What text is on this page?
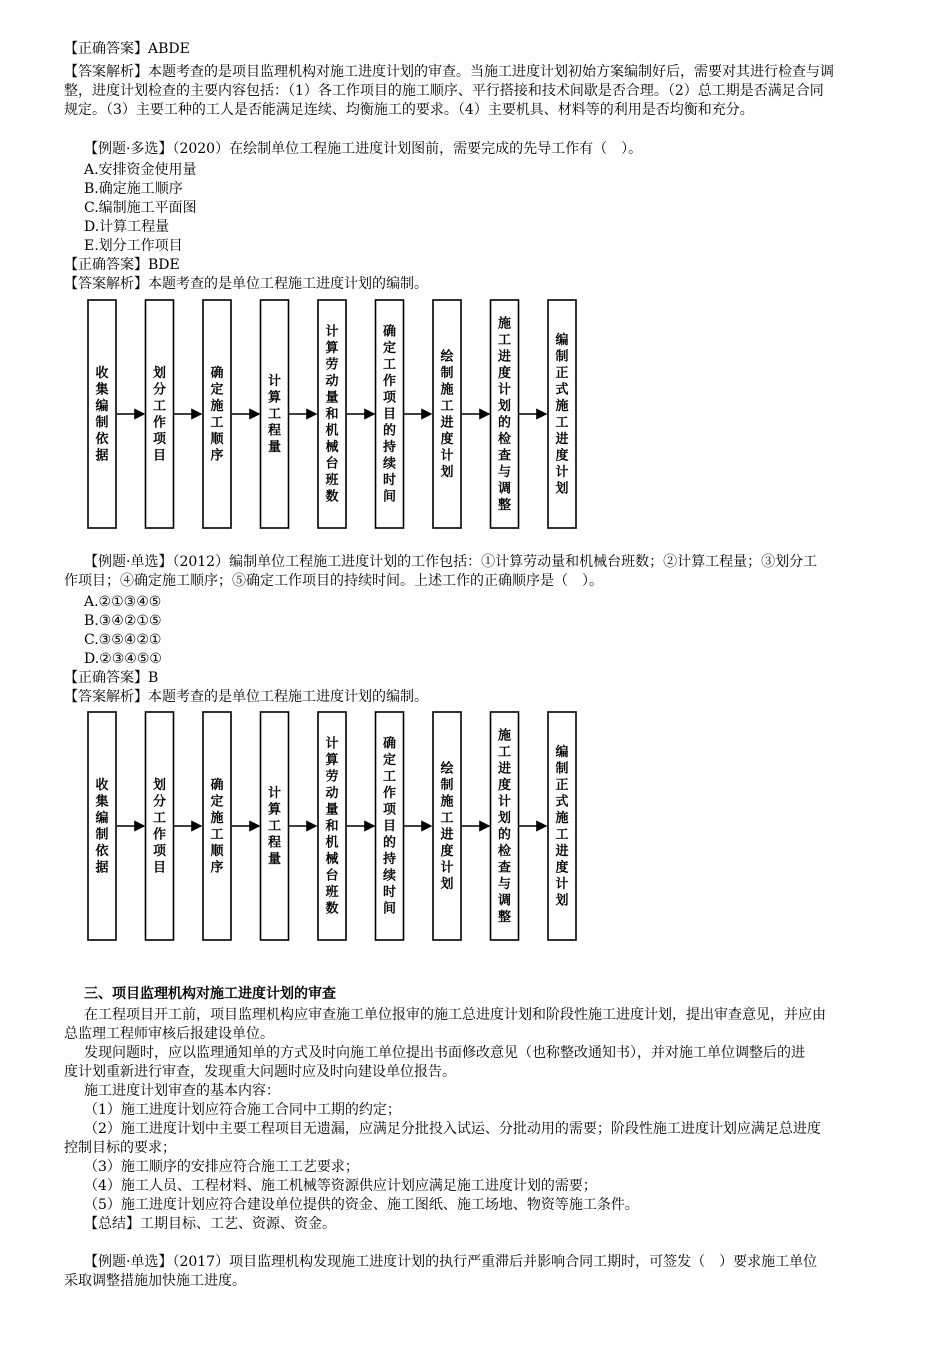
【正确答案】ABDE
【答案解析】本题考查的是项目监理机构对施工进度计划的审查。当施工进度计划初始方案编制好后，需要对其进行检查与调
整，进度计划检查的主要内容包括：（1）各工作项目的施工顺序、平行搭接和技术间歇是否合理。（2）总工期是否满足合同
规定。（3）主要工种的工人是否能满足连续、均衡施工的要求。（4）主要机具、材料等的利用是否均衡和充分。
【例题·多选】（2020）在绘制单位工程施工进度计划图前，需要完成的先导工作有（　）。
A.安排资金使用量
B.确定施工顺序
C.编制施工平面图
D.计算工程量
E.划分工作项目
【正确答案】BDE
【答案解析】本题考查的是单位工程施工进度计划的编制。
收集编制依据
划分工作项目
确定施工顺序
计算工程量
计算劳动量和机械台班数
确定工作项目的持续时间
绘制施工进度计划
施工进度计划的检查与调整
编制正式施工进度计划
【例题·单选】（2012）编制单位工程施工进度计划的工作包括：①计算劳动量和机械台班数；②计算工程量；③划分工
作项目；④确定施工顺序；⑤确定工作项目的持续时间。上述工作的正确顺序是（　）。
A.②①③④⑤
B.③④②①⑤
C.③⑤④②①
D.②③④⑤①
【正确答案】B
【答案解析】本题考查的是单位工程施工进度计划的编制。
收集编制依据
划分工作项目
确定施工顺序
计算工程量
计算劳动量和机械台班数
确定工作项目的持续时间
绘制施工进度计划
施工进度计划的检查与调整
编制正式施工进度计划
三、项目监理机构对施工进度计划的审查
在工程项目开工前，项目监理机构应审查施工单位报审的施工总进度计划和阶段性施工进度计划，提出审查意见，并应由
总监理工程师审核后报建设单位。
发现问题时，应以监理通知单的方式及时向施工单位提出书面修改意见（也称整改通知书），并对施工单位调整后的进
度计划重新进行审查，发现重大问题时应及时向建设单位报告。
施工进度计划审查的基本内容：
（1）施工进度计划应符合施工合同中工期的约定；
（2）施工进度计划中主要工程项目无遗漏，应满足分批投入试运、分批动用的需要；阶段性施工进度计划应满足总进度
控制目标的要求；
（3）施工顺序的安排应符合施工工艺要求；
（4）施工人员、工程材料、施工机械等资源供应计划应满足施工进度计划的需要；
（5）施工进度计划应符合建设单位提供的资金、施工图纸、施工场地、物资等施工条件。
【总结】工期目标、工艺、资源、资金。
【例题·单选】（2017）项目监理机构发现施工进度计划的执行严重滞后并影响合同工期时，可签发（　）要求施工单位
采取调整措施加快施工进度。
